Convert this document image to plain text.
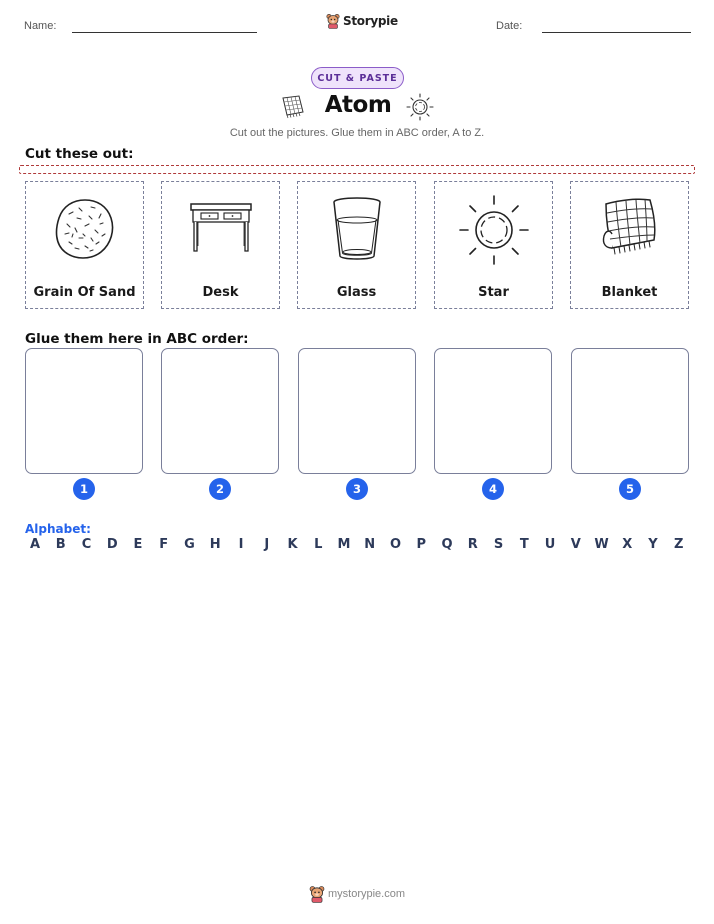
Name:	Storypie	Date:
CUT & PASTE
Atom
Cut out the pictures. Glue them in ABC order, A to Z.
Cut these out:
Grain Of Sand	Desk	Glass	Star	Blanket
Glue them here in ABC order:
1	2	3	4	5
Alphabet:
A	B	C	D	E	F	G	H	I	J	K	L	M	N	O	P	Q	R	S	T	U	V	W	X	Y	Z
mystorypie.com
